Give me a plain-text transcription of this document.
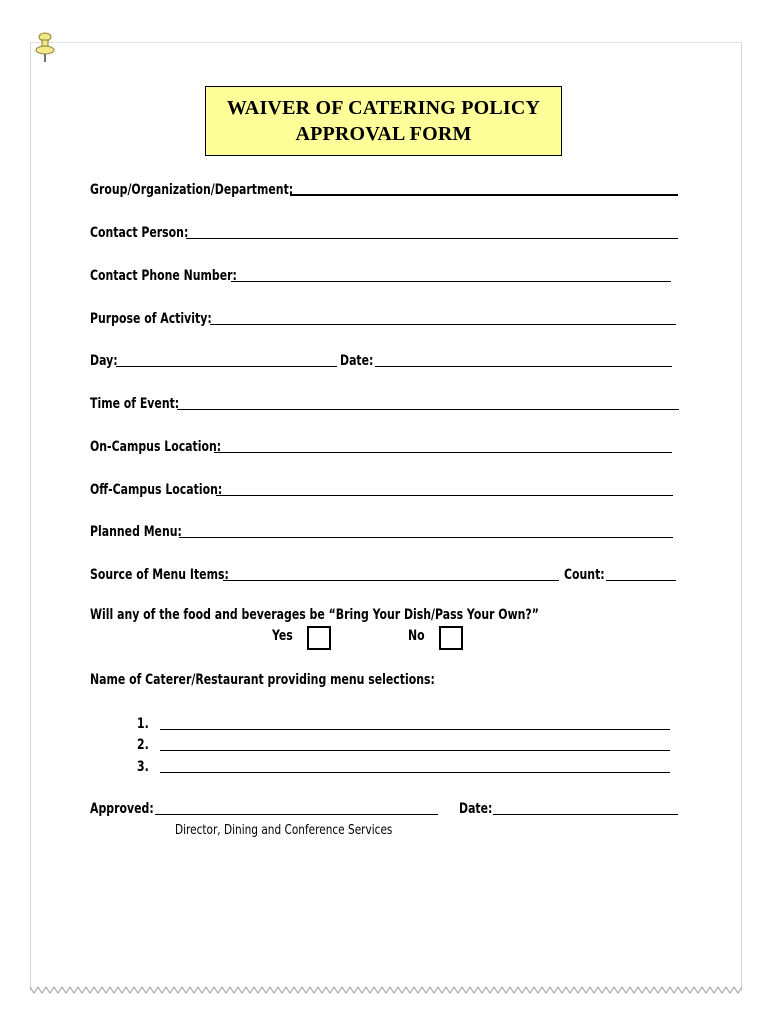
WAIVER OF CATERING POLICY
APPROVAL FORM
Group/Organization/Department:
Contact Person:
Contact Phone Number:
Purpose of Activity:
Day:	Date:
Time of Event:
On-Campus Location:
Off-Campus Location:
Planned Menu:
Source of Menu Items:	Count:
Will any of the food and beverages be “Bring Your Dish/Pass Your Own?”
Yes	No
Name of Caterer/Restaurant providing menu selections:
1.
2.
3.
Approved:	Date:
Director, Dining and Conference Services
